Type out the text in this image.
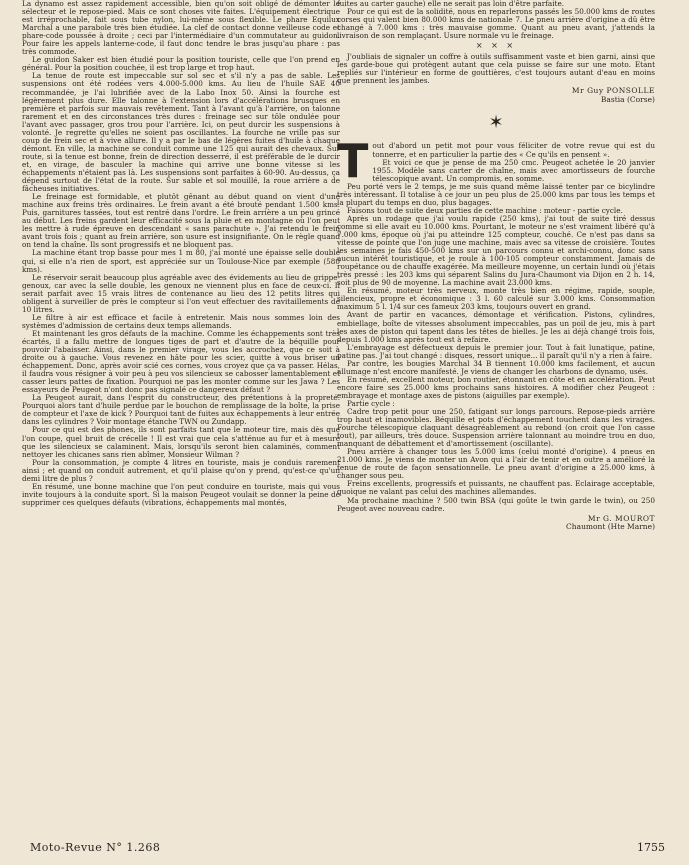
La dynamo est assez rapidement accessible, bien qu'on soit obligé de démonter le sélecteur et le repose-pied. Mais ce sont choses vite faites. L'équipement électrique est irréprochable, fait sous tube nylon, lui-même sous flexible. Le phare Equilux Marchal a une parabole très bien étudiée. La clef de contact donne veilleuse code et phare-code poussée à droite ; ceci par l'intermédiaire d'un commutateur au guidon. Pour faire les appels lanterne-code, il faut donc tendre le bras jusqu'au phare : pas très commode.

Le guidon Saker est bien étudié pour la position touriste, celle que l'on prend en général. Pour la position couchée, il est trop large et trop haut.

La tenue de route est impeccable sur sol sec et s'il n'y a pas de sable. Les suspensions ont été rodées vers 4.000-5.000 kms. Au lieu de l'huile SAE 40 recommandée, je l'ai lubrifiée avec de la Labo Inox 50. Ainsi la fourche est légèrement plus dure. Elle talonne à l'extension lors d'accélérations brusques en première et parfois sur mauvais revêtement. Tant à l'avant qu'à l'arrière, on talonne rarement et en des circonstances très dures : freinage sec sur tôle ondulée pour l'avant avec passager, gros trou pour l'arrière. Ici, on peut durcir les suspensions à volonté. Je regrette qu'elles ne soient pas oscillantes. La fourche ne vrille pas sur coup de frein sec et à vive allure. Il y a par le bas de légères fuites d'huile à chaque démont. En ville, la machine se conduit comme une 125 qui aurait des chevaux. Sur route, si la tenue est bonne, frein de direction desserré, il est préférable de le durcir et, en virage, de basculer la machine qui arrive une bonne vitesse si les échappements n'étaient pas là. Les suspensions sont parfaites à 60-90. Au-dessus, ça dépend surtout de l'état de la route. Sur sable et sol mouillé, la roue arrière a de fâcheuses initiatives.

Le freinage est formidable, et plutôt gênant au début quand on vient d'une machine aux freins très ordinaires. Le frein avant a été brouté pendant 1.500 kms. Puis, garnitures tassées, tout est rentré dans l'ordre. Le frein arrière a un peu grincé au début. Les freins gardent leur efficacité sous la pluie et en montagne où l'on peut les mettre à rude épreuve en descendant « sans parachute ». J'ai retendu le frein avant trois fois ; quant au frein arrière, son usure est insignifiante. On le règle quand on tend la chaîne. Ils sont progressifs et ne bloquent pas.

La machine étant trop basse pour mes 1 m 80, j'ai monté une épaisse selle double qui, si elle n'a rien de sport, est appréciée sur un Toulouse-Nice par exemple (580 kms).

Le réservoir serait beaucoup plus agréable avec des évidements au lieu de grippe-genoux, car avec la selle double, les genoux ne viennent plus en face de ceux-ci. Il serait parfait avec 15 vrais litres de contenance au lieu des 12 petits litres qui obligent à surveiller de près le compteur si l'on veut effectuer des ravitaillements de 10 litres.

Le filtre à air est efficace et facile à entretenir. Mais nous sommes loin des systèmes d'admission de certains deux temps allemands.

Et maintenant les gros défauts de la machine. Comme les échappements sont très écartés, il a fallu mettre de longues tiges de part et d'autre de la béquille pour pouvoir l'abaisser. Ainsi, dans le premier virage, vous les accrochez, que ce soit à droite ou à gauche. Vous revenez en hâte pour les scier, quitte à vous briser un échappement. Donc, après avoir scié ces cornes, vous croyez que ça va passer. Hélas, il faudra vous résigner à voir peu à peu vos silencieux se cabosser lamentablement et casser leurs pattes de fixation. Pourquoi ne pas les monter comme sur les Jawa ? Les essayeurs de Peugeot n'ont donc pas signalé ce dangereux défaut ?

La Peugeot aurait, dans l'esprit du constructeur, des prétentions à la propreté. Pourquoi alors tant d'huile perdue par le bouchon de remplissage de la boîte, la prise de compteur et l'axe de kick ? Pourquoi tant de fuites aux échappements à leur entrée dans les cylindres ? Voir montage étanche TWN ou Zundapp.

Pour ce qui est des phones, ils sont parfaits tant que le moteur tire, mais dès que l'on coupe, quel bruit de crécelle ! Il est vrai que cela s'atténue au fur et à mesure que les silencieux se calaminent. Mais, lorsqu'ils seront bien calaminés, comment nettoyer les chicanes sans rien abîmer, Monsieur Wilman ?

Pour la consommation, je compte 4 litres en touriste, mais je conduis rarement ainsi ; et quand on conduit autrement, et qu'il plaise qu'on y prend, qu'est-ce qu'un demi litre de plus ?

En résumé, une bonne machine que l'on peut conduire en touriste, mais qui vous invite toujours à la conduite sport. Si la maison Peugeot voulait se donner la peine de supprimer ces quelques défauts (vibrations, échappements mal montés,

fuites au carter gauche) elle ne serait pas loin d'être parfaite.

Pour ce qui est de la solidité, nous en reparlerons passés les 50.000 kms de routes corses qui valent bien 80.000 kms de nationale 7. Le pneu arrière d'origine a dû être changé à 7.000 kms : très mauvaise gomme. Quant au pneu avant, j'attends la livraison de son remplaçant. Usure normale vu le freinage.

× × ×

J'oubliais de signaler un coffre à outils suffisamment vaste et bien garni, ainsi que les garde-boue qui protègent autant que cela puisse se faire sur une moto. Etant repliés sur l'intérieur en forme de gouttières, c'est toujours autant d'eau en moins que prennent les jambes.

Mr Guy PONSOLLE
Bastia (Corse)
✶

Tout d'abord un petit mot pour vous féliciter de votre revue qui est du tonnerre, et en particulier la partie des « Ce qu'ils en pensent ».

Et voici ce que je pense de ma 250 cmc. Peugeot achetée le 20 janvier 1955. Modèle sans carter de chaîne, mais avec amortisseurs de fourche télescopique avant. Un compromis, en somme.

Peu porté vers le 2 temps, je me suis quand même laissé tenter par ce bicylindre très intéressant. Il totalise à ce jour un peu plus de 25.000 kms par tous les temps et la plupart du temps en duo, plus bagages.

Faisons tout de suite deux parties de cette machine : moteur - partie cycle.

Après un rodage que j'ai voulu rapide (250 kms), j'ai tout de suite tiré dessus comme si elle avait eu 10.000 kms. Pourtant, le moteur ne s'est vraiment libéré qu'à 7.000 kms, époque où j'ai pu atteindre 125 compteur, couché. Ce n'est pas dans sa vitesse de pointe que l'on juge une machine, mais avec sa vitesse de croisière. Toutes les semaines je fais 450-500 kms sur un parcours connu et archi-connu, donc sans aucun intérêt touristique, et je roule à 100-105 compteur constamment. Jamais de roupétance ou de chauffe exagérée. Ma meilleure moyenne, un certain lundi où j'étais très pressé : les 203 kms qui séparent Salins du Jura-Chaumont via Dijon en 2 h. 14, soit plus de 90 de moyenne. La machine avait 23.000 kms.

En résumé, moteur très nerveux, monte très bien en régime, rapide, souple, silencieux, propre et économique : 3 l. 60 calculé sur 3.000 kms. Consommation maximum 5 l. 1/4 sur ces fameux 203 kms, toujours ouvert en grand.

Avant de partir en vacances, démontage et vérification. Pistons, cylindres, embiellage, boîte de vitesses absolument impeccables, pas un poil de jeu, mis à part les axes de piston qui tapent dans les têtes de bielles. Je les ai déjà changé trois fois, depuis 1.000 kms après tout est à refaire.

L'embrayage est défectueux depuis le premier jour. Tout à fait lunatique, patine, patine pas. J'ai tout changé : disques, ressort unique... il paraît qu'il n'y a rien à faire.

Par contre, les bougies Marchal 34 B tiennent 10.000 kms facilement, et aucun allumage n'est encore manifesté. Je viens de changer les charbons de dynamo, usés.

En résumé, excellent moteur, bon routier, étonnant en côte et en accélération. Peut encore faire ses 25.000 kms prochains sans histoires. A modifier chez Peugeot : embrayage et montage axes de pistons (aiguilles par exemple).

Partie cycle :

Cadre trop petit pour une 250, fatigant sur longs parcours. Repose-pieds arrière trop haut et inamovibles. Béquille et pots d'échappement touchent dans les virages. Fourche télescopique claquant désagréablement au rebond (on croit que l'on casse tout), par ailleurs, très douce. Suspension arrière talonnant au moindre trou en duo, manquant de débattement et d'amortissement (oscillante).

Pneu arrière à changer tous les 5.000 kms (celui monté d'origine). 4 pneus en 21.000 kms. Je viens de monter un Avon qui a l'air de tenir et en outre a amélioré la tenue de route de façon sensationnelle. Le pneu avant d'origine a 25.000 kms, à changer sous peu.

Freins excellents, progressifs et puissants, ne chauffent pas. Eclairage acceptable, quoique ne valant pas celui des machines allemandes.

Ma prochaine machine ? 500 twin BSA (qui goûte le twin garde le twin), ou 250 Peugeot avec nouveau cadre.

Mr G. MOUROT
Chaumont (Hte Marne)
Moto-Revue N° 1.268	1755
